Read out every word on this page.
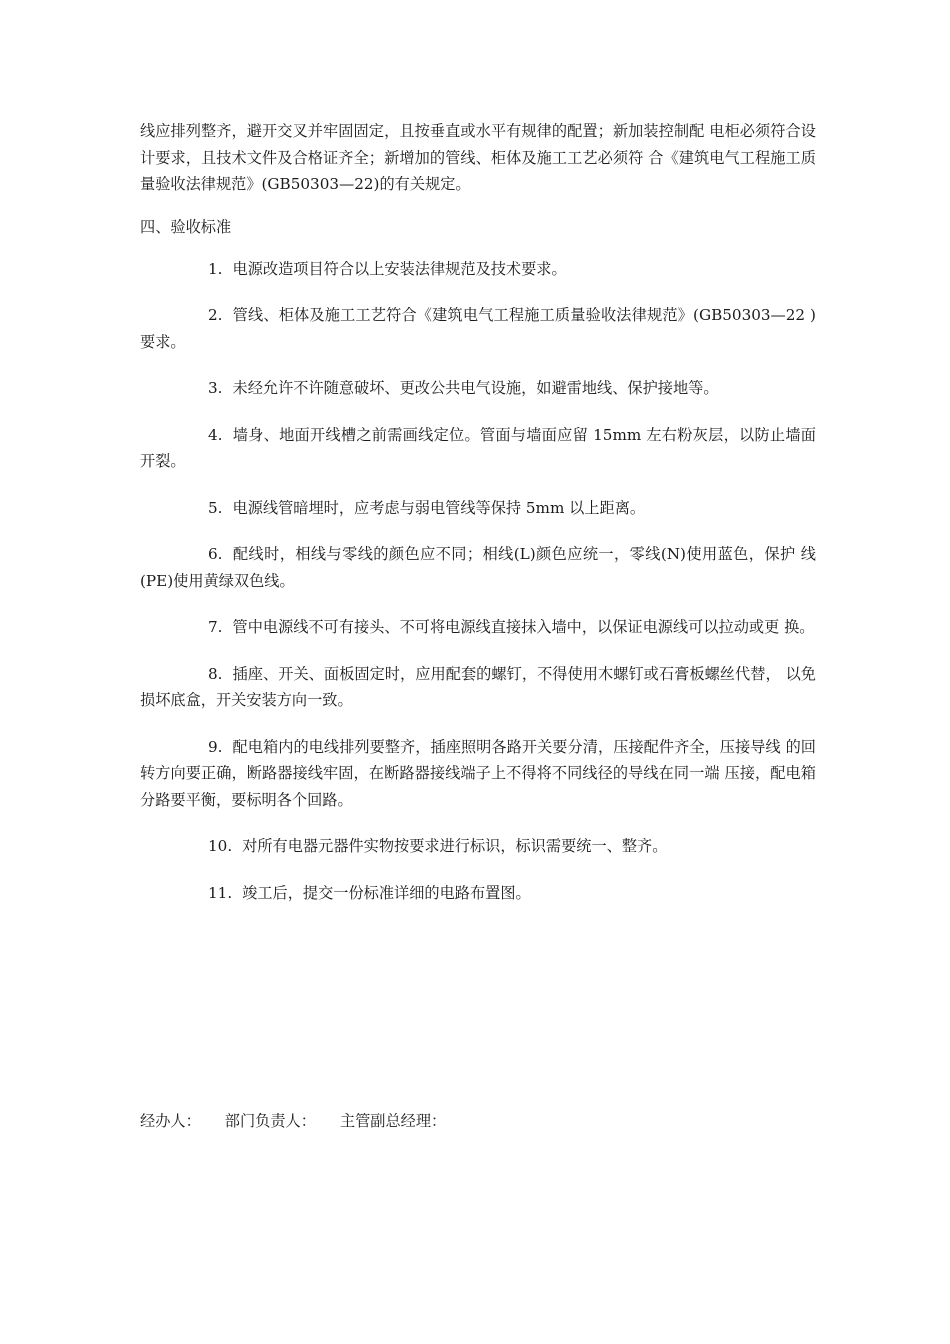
线应排列整齐，避开交叉并牢固固定，且按垂直或水平有规律的配置；新加装控制配 电柜必须符合设计要求，且技术文件及合格证齐全；新增加的管线、柜体及施工工艺必须符 合《建筑电气工程施工质量验收法律规范》(GB50303—22)的有关规定。

四、验收标准

1. 电源改造项目符合以上安装法律规范及技术要求。

2. 管线、柜体及施工工艺符合《建筑电气工程施工质量验收法律规范》(GB50303—22 ) 要求。

3. 未经允许不许随意破坏、更改公共电气设施，如避雷地线、保护接地等。

4. 墙身、地面开线槽之前需画线定位。管面与墙面应留 15mm 左右粉灰层，以防止墙面 开裂。

5. 电源线管暗埋时，应考虑与弱电管线等保持 5mm 以上距离。

6. 配线时，相线与零线的颜色应不同；相线(L)颜色应统一，零线(N)使用蓝色，保护 线(PE)使用黄绿双色线。

7. 管中电源线不可有接头、不可将电源线直接抹入墙中，以保证电源线可以拉动或更 换。

8. 插座、开关、面板固定时，应用配套的螺钉，不得使用木螺钉或石膏板螺丝代替， 以免损坏底盒，开关安装方向一致。

9. 配电箱内的电线排列要整齐，插座照明各路开关要分清，压接配件齐全，压接导线 的回转方向要正确，断路器接线牢固，在断路器接线端子上不得将不同线径的导线在同一端 压接，配电箱分路要平衡，要标明各个回路。

10. 对所有电器元器件实物按要求进行标识，标识需要统一、整齐。

11. 竣工后，提交一份标准详细的电路布置图。

经办人： 部门负责人： 主管副总经理：
